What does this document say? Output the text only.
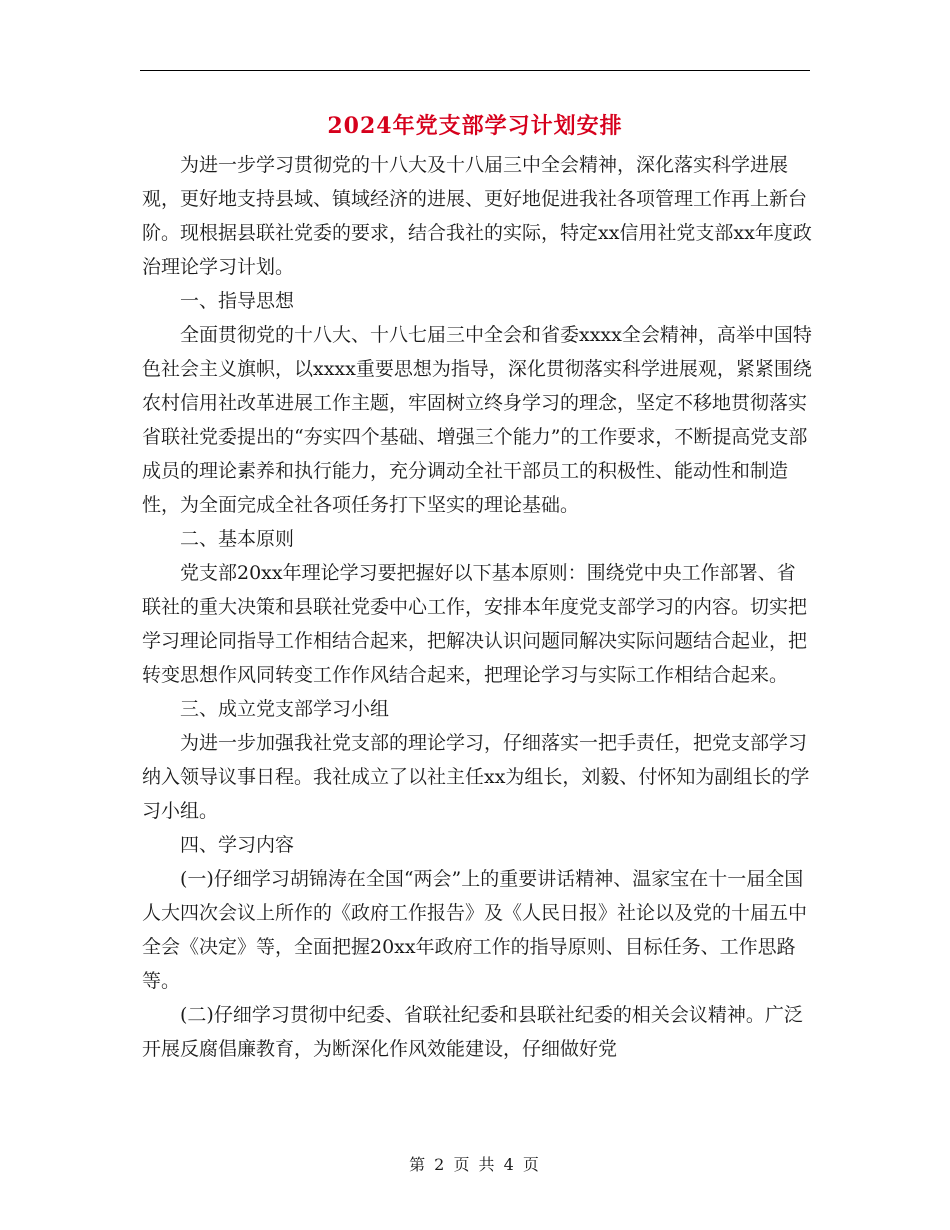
2024年党支部学习计划安排

为进一步学习贯彻党的十八大及十八届三中全会精神，深化落实科学进展观，更好地支持县域、镇域经济的进展、更好地促进我社各项管理工作再上新台阶。现根据县联社党委的要求，结合我社的实际，特定xx信用社党支部xx年度政治理论学习计划。

一、指导思想

全面贯彻党的十八大、十八七届三中全会和省委xxxx全会精神，高举中国特色社会主义旗帜，以xxxx重要思想为指导，深化贯彻落实科学进展观，紧紧围绕农村信用社改革进展工作主题，牢固树立终身学习的理念，坚定不移地贯彻落实省联社党委提出的“夯实四个基础、增强三个能力”的工作要求，不断提高党支部成员的理论素养和执行能力，充分调动全社干部员工的积极性、能动性和制造性，为全面完成全社各项任务打下坚实的理论基础。

二、基本原则

党支部20xx年理论学习要把握好以下基本原则：围绕党中央工作部署、省联社的重大决策和县联社党委中心工作，安排本年度党支部学习的内容。切实把学习理论同指导工作相结合起来，把解决认识问题同解决实际问题结合起业，把转变思想作风同转变工作作风结合起来，把理论学习与实际工作相结合起来。

三、成立党支部学习小组

为进一步加强我社党支部的理论学习，仔细落实一把手责任，把党支部学习纳入领导议事日程。我社成立了以社主任xx为组长，刘毅、付怀知为副组长的学习小组。

四、学习内容

(一)仔细学习胡锦涛在全国“两会”上的重要讲话精神、温家宝在十一届全国人大四次会议上所作的《政府工作报告》及《人民日报》社论以及党的十届五中全会《决定》等，全面把握20xx年政府工作的指导原则、目标任务、工作思路等。

(二)仔细学习贯彻中纪委、省联社纪委和县联社纪委的相关会议精神。广泛开展反腐倡廉教育，为断深化作风效能建设，仔细做好党

第 2 页 共 4 页
